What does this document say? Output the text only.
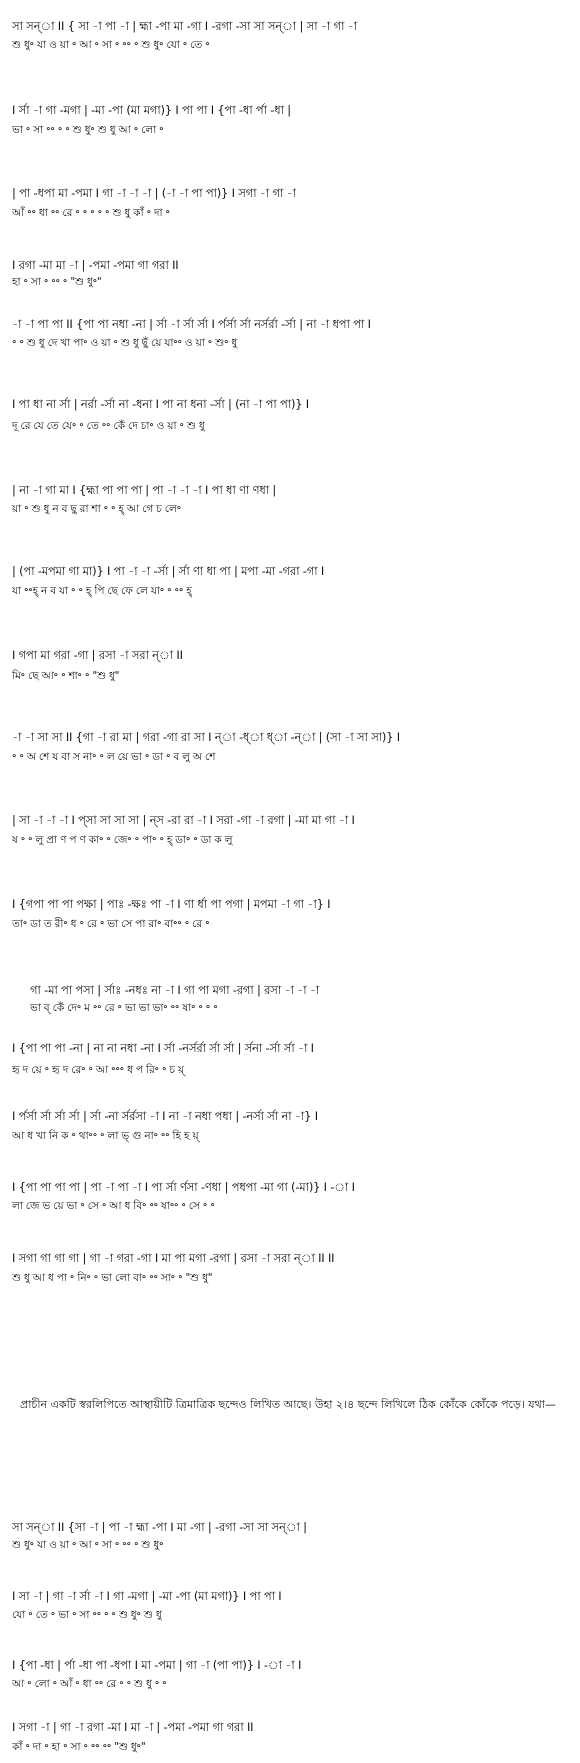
সা সন্‌া II { সা -া পা -া | হ্মা -পা মা -গা I -রগা -সা সা সন্‌া | সা -া গা -া
শু ধু॰ যা ও য়া ॰ আ ॰ সা ॰ ॰॰ ॰ শু ধু॰ যো ॰ তে ॰
I র্সা -া গা -মগা | -মা -পা (মা মগা)} I পা পা I {পা -ধা র্পা -ধা |
ভা ॰ সা ॰॰ ॰ ॰ শু ধু॰ শু ধু আ ॰ লো ॰
| পা -ধপা মা -পমা I গা -া -া -া | (-া -া পা পা)} I সগা -া গা -া
আঁ ॰॰ ধা ॰॰ রে ॰ ॰ ॰ ॰ ॰ শু ধু কাঁ ॰ দা ॰
I রগা -মা মা -া | -পমা -পমা গা গরা II
হা ॰ সা ॰ ॰॰ ॰ "শু ধু॰"
-া -া পা পা II {পা পা নধা -না | র্সা -া র্সা র্সা I র্পর্সা র্সা নর্সর্রা -র্সা | না -া ধপা পা I
॰ ॰ শু ধু দে খা পা॰ ও য়া ॰ শু ধু ছুঁ য়ে যা॰॰ ও য়া ॰ শু॰ ধু
I পা ধা না র্সা | নর্রা -র্সা না -ধনা I পা না ধনা -র্সা | (না -া পা পা)} I
দূ রে যে তে যে॰ ॰ তে ॰॰ কেঁ দে চা॰ ও য়া ॰ শু ধু
| না -া গা মা I {হ্মা পা পা পা | পা -া -া -া I পা ধা ণা ণধা |
য়া ॰ শু ধু ন ব ছু রা শা ॰ ॰ হ্‌ আ গে চ লে॰
| (পা -মপমা গা মা)} I পা -া -া -র্সা | র্সা ণা ধা পা | মপা -মা -গরা -গা I
যা ॰॰হ্‌ ন ব যা ॰ ॰ হ্‌ পি ছে ফে লে যা॰ ॰ ॰॰ হ্‌
I গপা মা গরা -গা | রসা -া সরা ন্‌া II
মি॰ ছে আ॰ ॰ শা॰ ॰ "শু ধু"
-া -া সা সা II {গা -া রা মা | গরা -গা রা সা I ন্‌া -ধ্‌া ধ্‌া -ন্‌া | (সা -া সা সা)} I
॰ ॰ অ শে য বা স না॰ ॰ ল য়ে ভা ॰ ডা ॰ ব লু অ শে
| সা -া -া -া I প্‌সা সা সা সা | ন্‌স -রা রা -া I সরা -গা -া রগা | -মা মা গা -া I
ষ ॰ ॰ লু প্রা ণ প ণ কা॰ ॰ জে॰ ॰ পা॰ ॰ হ্‌ ডা॰ ॰ ডা ক লু
I {গপা পা পা পক্ষা | পাঃ -ক্ষঃ পা -া I ণা র্ধা পা পগা | মপমা -া গা -া} I
তা॰ ডা ত রী॰ ধ ॰ রে ॰ ভা সে পা রা॰ বা॰॰ ॰ রে ॰
গা -মা পা পসা | র্সাঃ -নধঃ না -া I গা পা মগা -রগা | রসা -া -া -া
ভা ব্‌ কেঁ দে॰ ম ॰॰ রে ॰ ভা ভা ভা॰ ॰॰ ষা॰ ॰ ॰ ॰
I {পা পা পা -না | না না নধা -না I র্সা -নর্সর্রা র্সা র্সা | র্সনা -র্সা র্সা -া I
হৃ দ য়ে ॰ হৃ দ রে॰ ॰ আ ॰॰॰ ধ প রি॰ ॰ চ য়্‌
I র্পর্সা র্সা র্সা র্সা | র্সা -না র্সর্রসা -া I না -া নধা পধা | -নর্সা র্সা না -া} I
আ ধ খা নি ক ॰ থা॰॰ ॰ লা ভ্‌ গু না॰ ॰॰ হি হ য়্‌
I {পা পা পা পা | পা -া পা -া I পা র্সা র্ণসা -ণধা | পধপা -মা গা (-মা)} I -া I
লা জে ভ য়ে ভা ॰ সে ॰ আ ধ বি॰ ॰॰ ষা॰॰ ॰ সে ॰ ॰
I সগা গা গা গা | গা -া গরা -গা I মা পা মগা -রগা | রসা -া সরা ন্‌া II II
শু ধু আ ধ পা ॰ নি॰ ॰ ভা লো বা॰ ॰॰ সা॰ ॰ "শু ধু"
প্রাচীন একটি স্বরলিপিতে আস্থায়ীটি ত্রিমাত্রিক ছন্দেও লিখিত আছে। উহা ২।৪ ছন্দে লিখিলে ঠিক কোঁকে কোঁকে পড়ে। যথা—
সা সন্‌া II {সা -া | পা -া হ্মা -পা I মা -গা | -রগা -সা সা সন্‌া |
শু ধু॰ যা ও য়া ॰ আ ॰ সা ॰ ॰॰ ॰ শু ধু॰
I সা -া | গা -া র্সা -া I গা -মগা | -মা -পা (মা মগা)} I পা পা I
যো ॰ তে ॰ ভা ॰ সা ॰॰ ॰ ॰ শু ধু॰ শু ধু
I {পা -ধা | র্পা -ধা পা -ধপা I মা -পমা | গা -া (পা পা)} I -া -া I
আ ॰ লো ॰ আঁ ॰ ধা ॰॰ রে ॰ ॰ শু ধু ॰ ॰
I সগা -া | গা -া রগা -মা I মা -া | -পমা -পমা গা গরা II
কাঁ ॰ দা ॰ হা ॰ সা ॰ ॰॰ ॰॰ "শু ধু॰"
